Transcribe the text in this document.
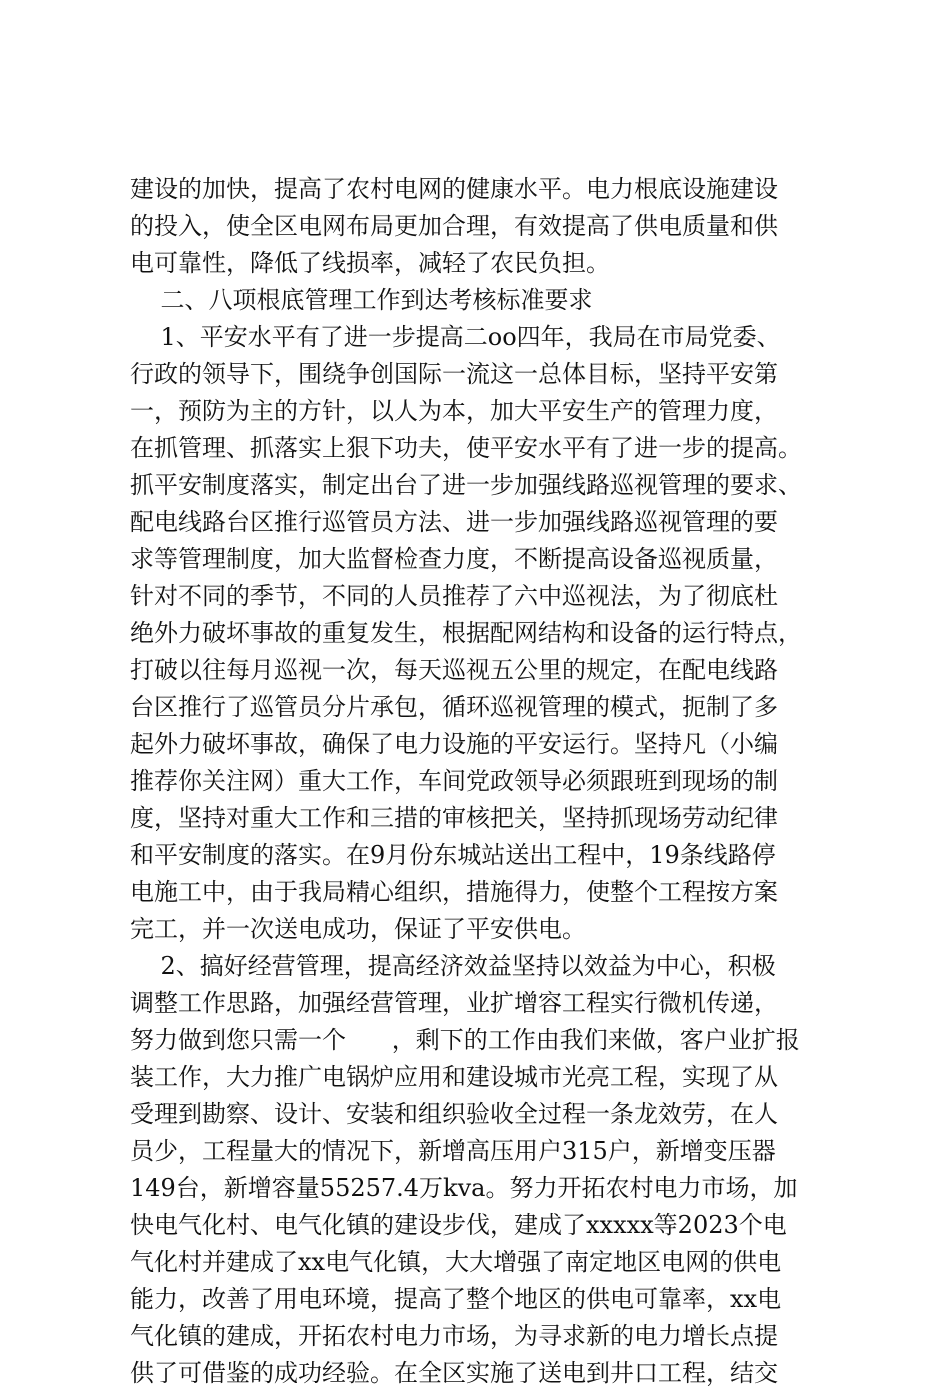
建设的加快，提高了农村电网的健康水平。电力根底设施建设
的投入，使全区电网布局更加合理，有效提高了供电质量和供
电可靠性，降低了线损率，减轻了农民负担。
二、八项根底管理工作到达考核标准要求
1、平安水平有了进一步提高二oo四年，我局在市局党委、
行政的领导下，围绕争创国际一流这一总体目标，坚持平安第
一，预防为主的方针，以人为本，加大平安生产的管理力度，
在抓管理、抓落实上狠下功夫，使平安水平有了进一步的提高。
抓平安制度落实，制定出台了进一步加强线路巡视管理的要求、
配电线路台区推行巡管员方法、进一步加强线路巡视管理的要
求等管理制度，加大监督检查力度，不断提高设备巡视质量，
针对不同的季节，不同的人员推荐了六中巡视法，为了彻底杜
绝外力破坏事故的重复发生，根据配网结构和设备的运行特点，
打破以往每月巡视一次，每天巡视五公里的规定，在配电线路
台区推行了巡管员分片承包，循环巡视管理的模式，扼制了多
起外力破坏事故，确保了电力设施的平安运行。坚持凡（小编
推荐你关注网）重大工作，车间党政领导必须跟班到现场的制
度，坚持对重大工作和三措的审核把关，坚持抓现场劳动纪律
和平安制度的落实。在9月份东城站送出工程中，19条线路停
电施工中，由于我局精心组织，措施得力，使整个工程按方案
完工，并一次送电成功，保证了平安供电。
2、搞好经营管理，提高经济效益坚持以效益为中心，积极
调整工作思路，加强经营管理，业扩增容工程实行微机传递，
努力做到您只需一个      ，剩下的工作由我们来做，客户业扩报
装工作，大力推广电锅炉应用和建设城市光亮工程，实现了从
受理到勘察、设计、安装和组织验收全过程一条龙效劳，在人
员少，工程量大的情况下，新增高压用户315户，新增变压器
149台，新增容量55257.4万kva。努力开拓农村电力市场，加
快电气化村、电气化镇的建设步伐，建成了xxxxx等2023个电
气化村并建成了xx电气化镇，大大增强了南定地区电网的供电
能力，改善了用电环境，提高了整个地区的供电可靠率，xx电
气化镇的建成，开拓农村电力市场，为寻求新的电力增长点提
供了可借鉴的成功经验。在全区实施了送电到井口工程，结交
